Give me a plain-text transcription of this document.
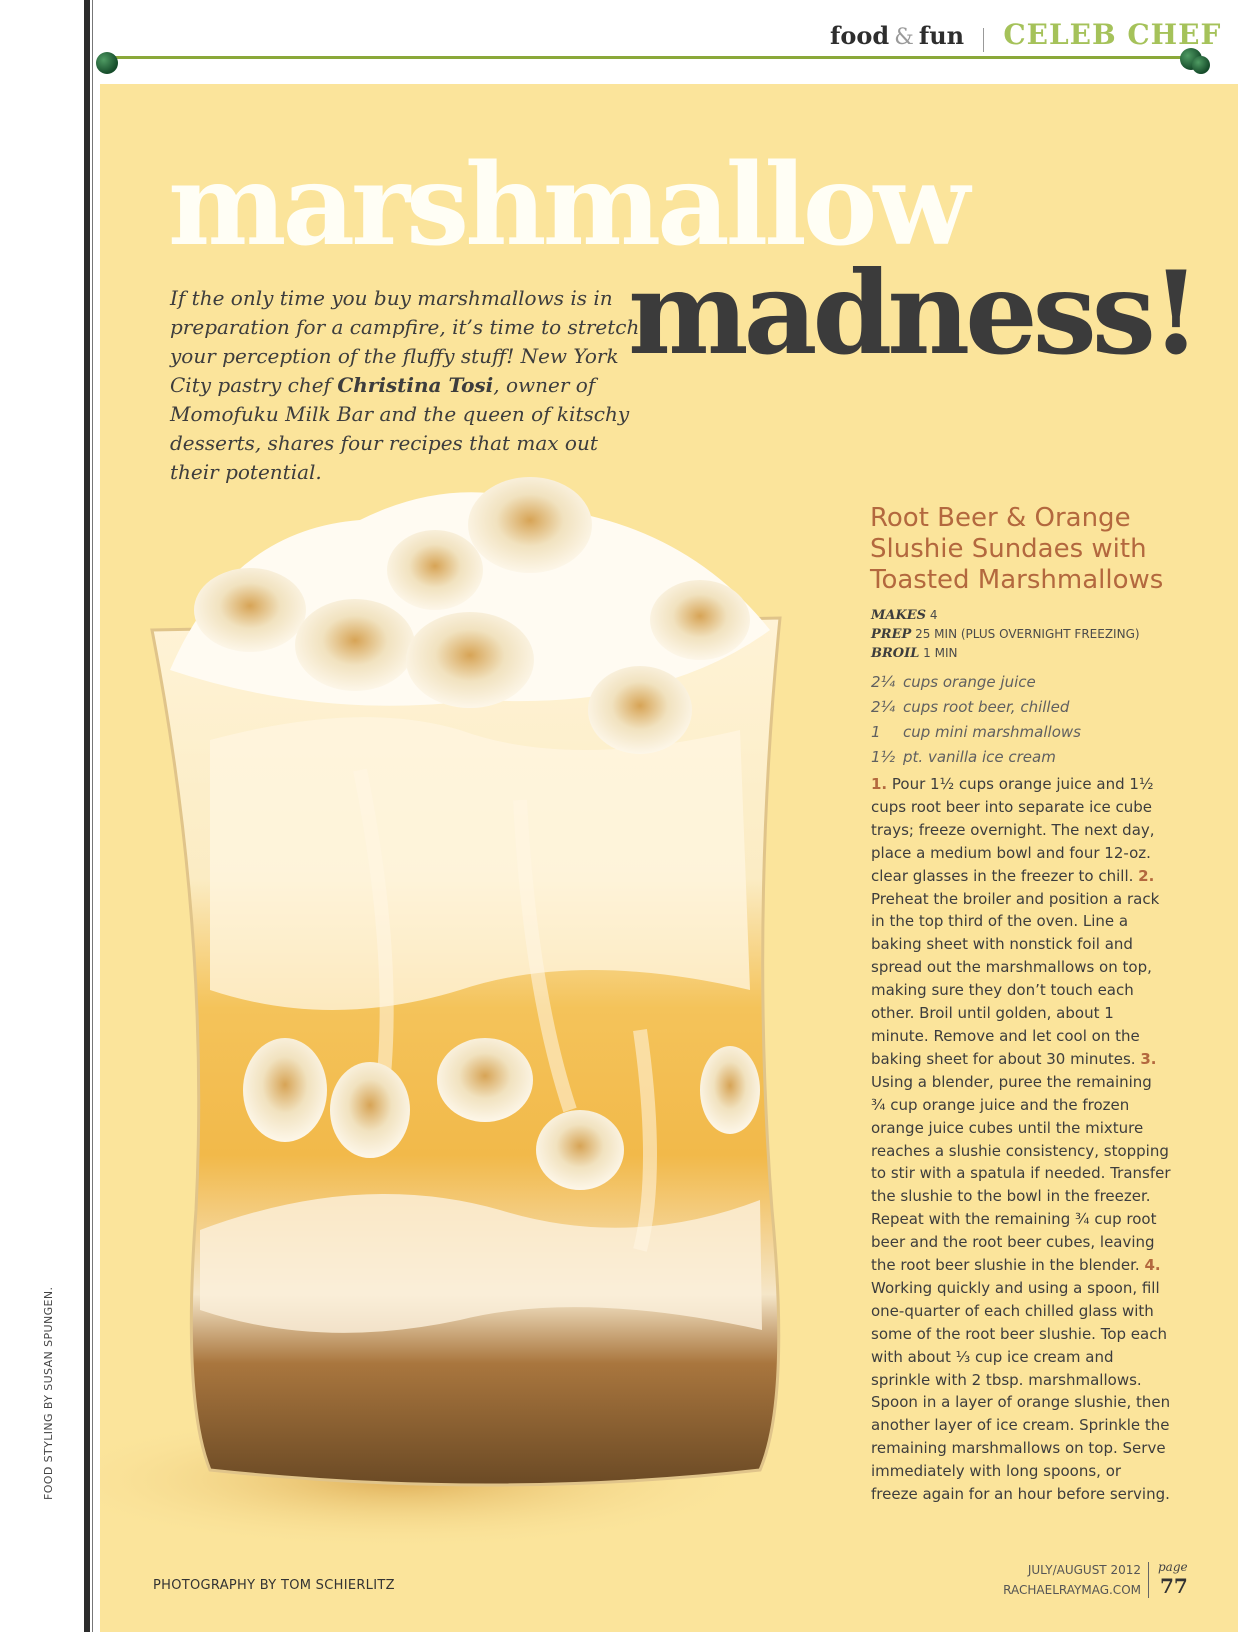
food & fun CELEB CHEF
marshmallow
madness!
If the only time you buy marshmallows is in preparation for a campfire, it’s time to stretch your perception of the fluffy stuff! New York City pastry chef Christina Tosi, owner of Momofuku Milk Bar and the queen of kitschy desserts, shares four recipes that max out their potential.
Root Beer & Orange Slushie Sundaes with Toasted Marshmallows
MAKES 4
PREP 25 MIN (PLUS OVERNIGHT FREEZING)
BROIL 1 MIN
2¼ cups orange juice
2¼ cups root beer, chilled
1 cup mini marshmallows
1½ pt. vanilla ice cream
1. Pour 1½ cups orange juice and 1½ cups root beer into separate ice cube trays; freeze overnight. The next day, place a medium bowl and four 12-oz. clear glasses in the freezer to chill. 2. Preheat the broiler and position a rack in the top third of the oven. Line a baking sheet with nonstick foil and spread out the marshmallows on top, making sure they don’t touch each other. Broil until golden, about 1 minute. Remove and let cool on the baking sheet for about 30 minutes. 3. Using a blender, puree the remaining ¾ cup orange juice and the frozen orange juice cubes until the mixture reaches a slushie consistency, stopping to stir with a spatula if needed. Transfer the slushie to the bowl in the freezer. Repeat with the remaining ¾ cup root beer and the root beer cubes, leaving the root beer slushie in the blender. 4. Working quickly and using a spoon, fill one-quarter of each chilled glass with some of the root beer slushie. Top each with about ⅓ cup ice cream and sprinkle with 2 tbsp. marshmallows. Spoon in a layer of orange slushie, then another layer of ice cream. Sprinkle the remaining marshmallows on top. Serve immediately with long spoons, or freeze again for an hour before serving.
PHOTOGRAPHY BY TOM SCHIERLITZ
FOOD STYLING BY SUSAN SPUNGEN.
JULY/AUGUST 2012
RACHAELRAYMAG.COM
page
77
